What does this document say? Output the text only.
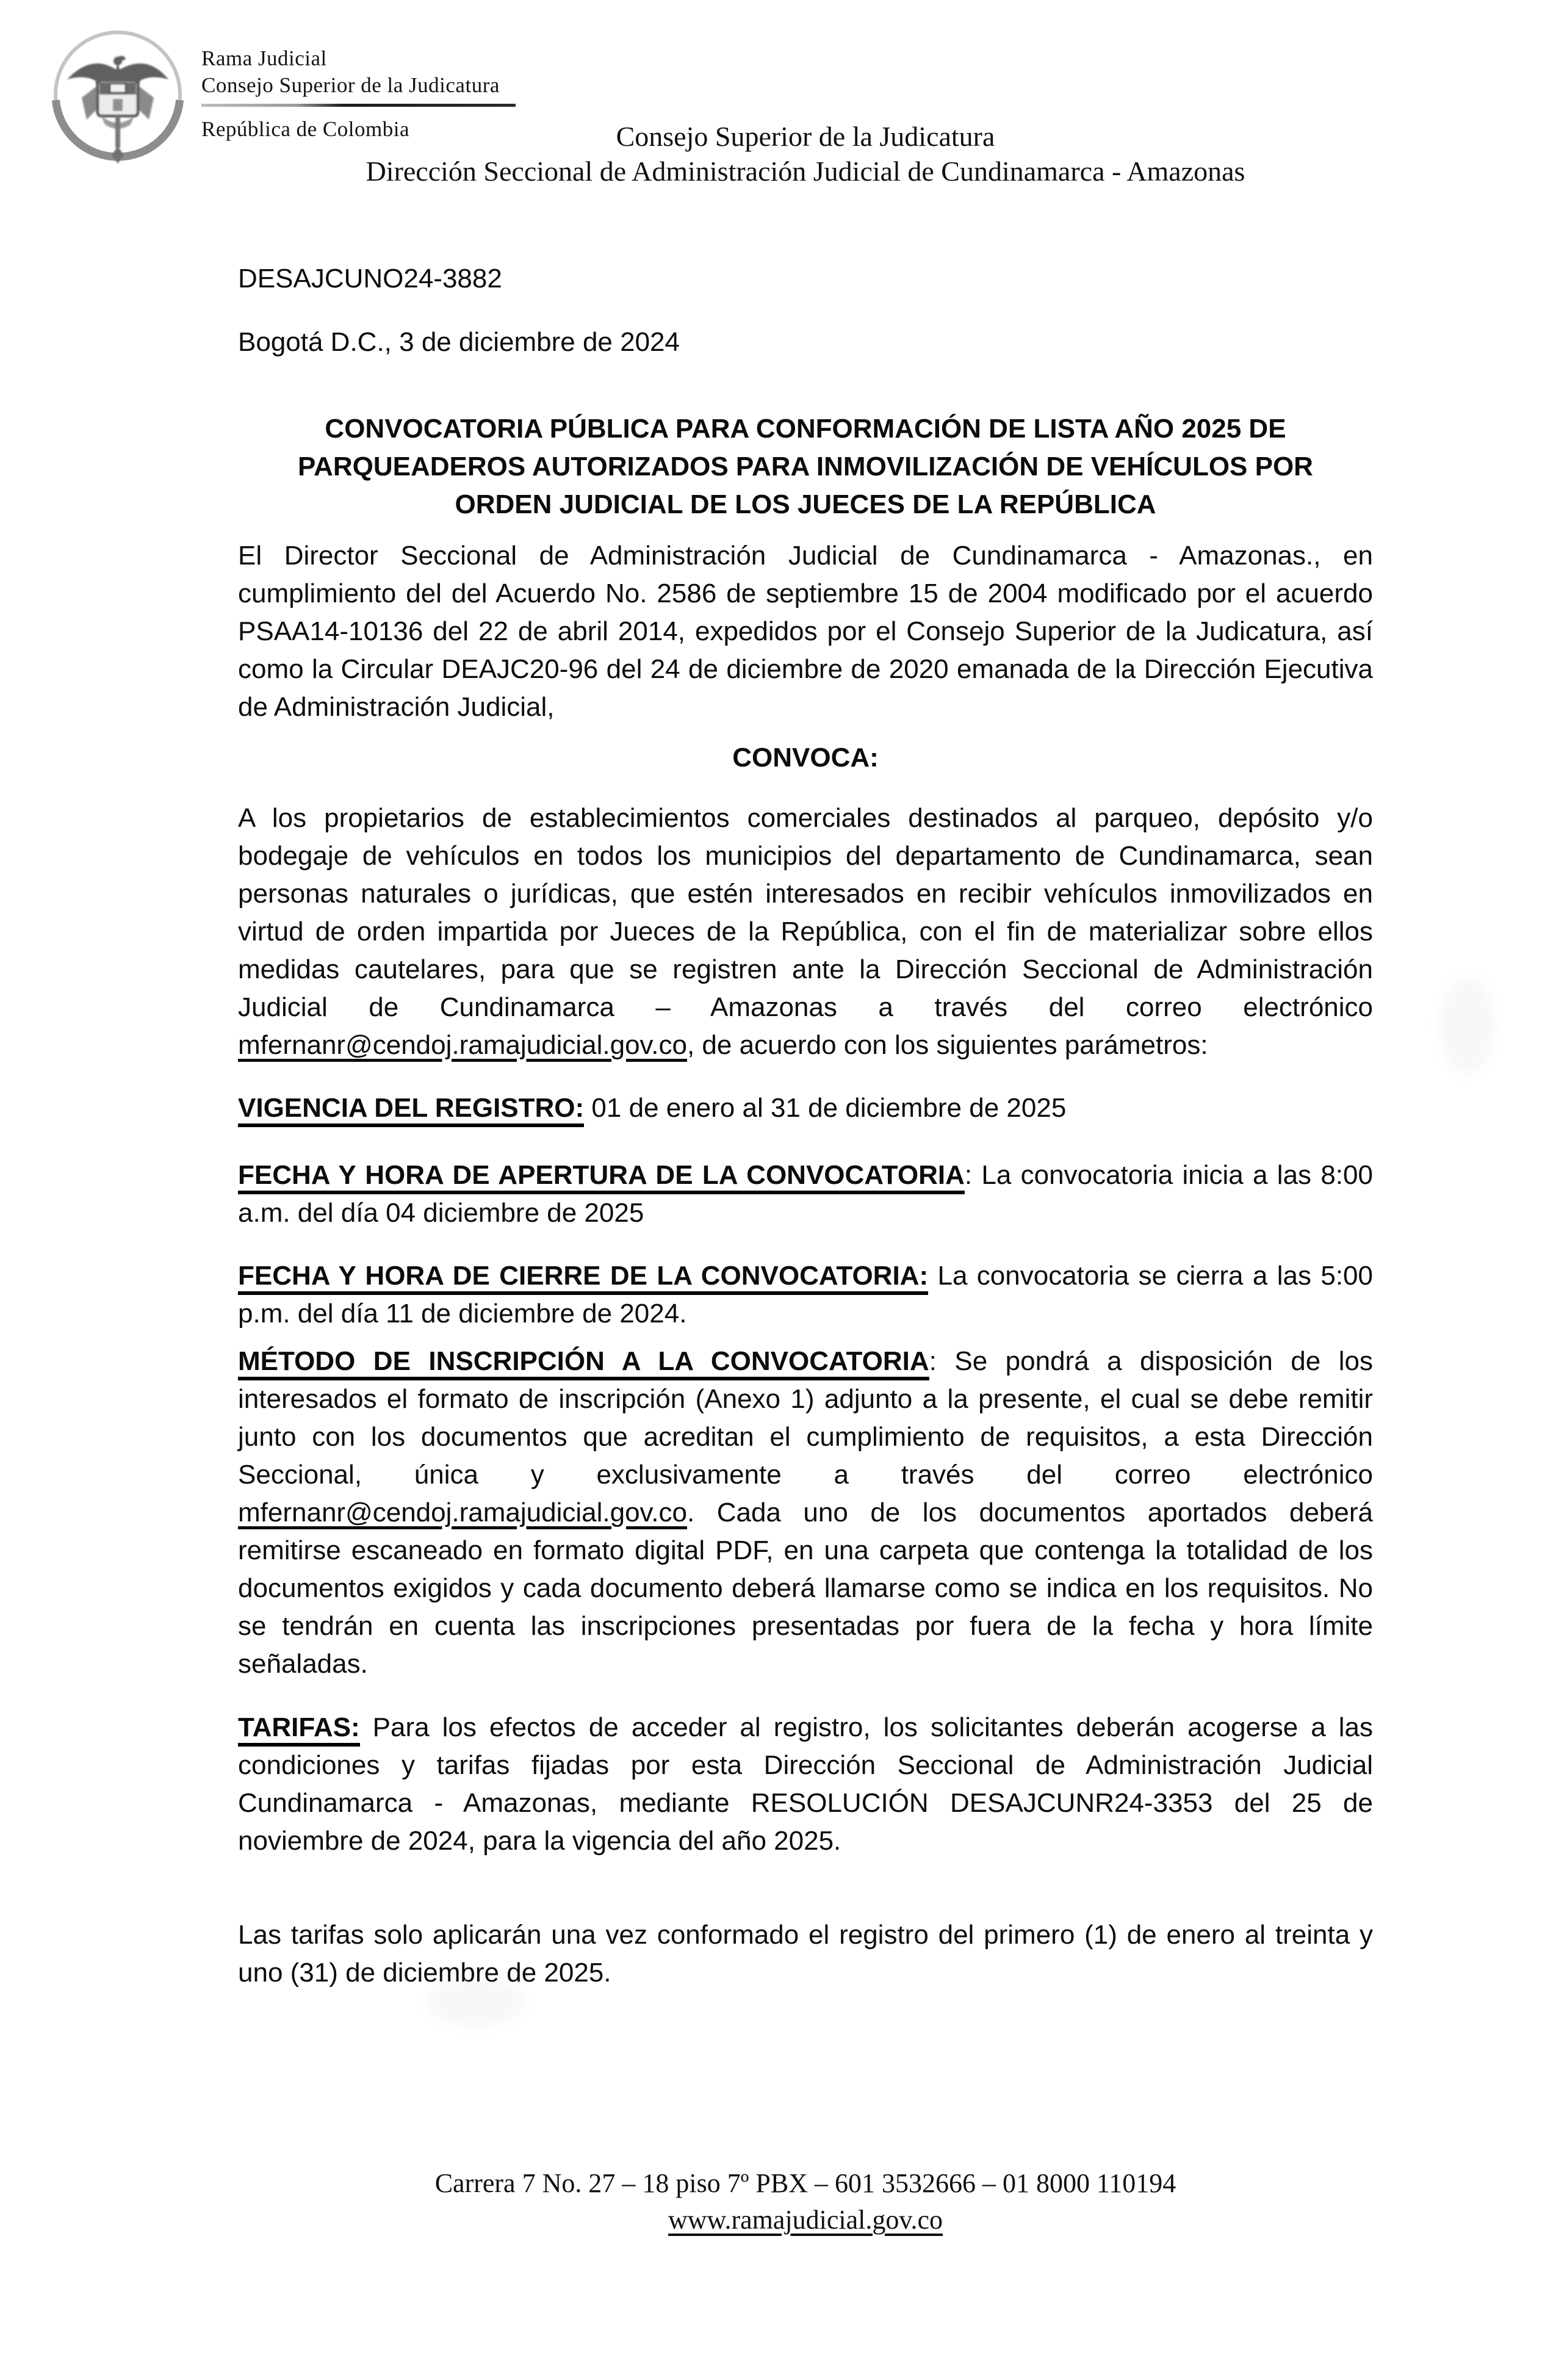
Rama Judicial
Consejo Superior de la Judicatura
República de Colombia	Consejo Superior de la Judicatura
Dirección Seccional de Administración Judicial de Cundinamarca - Amazonas
DESAJCUNO24-3882
Bogotá D.C., 3 de diciembre de 2024
CONVOCATORIA PÚBLICA PARA CONFORMACIÓN DE LISTA AÑO 2025 DE
PARQUEADEROS AUTORIZADOS PARA INMOVILIZACIÓN DE VEHÍCULOS POR
ORDEN JUDICIAL DE LOS JUECES DE LA REPÚBLICA
El Director Seccional de Administración Judicial de Cundinamarca - Amazonas., en cumplimiento del del Acuerdo No. 2586 de septiembre 15 de 2004 modificado por el acuerdo PSAA14-10136 del 22 de abril 2014, expedidos por el Consejo Superior de la Judicatura, así como la Circular DEAJC20-96 del 24 de diciembre de 2020 emanada de la Dirección Ejecutiva de Administración Judicial,
CONVOCA:
A los propietarios de establecimientos comerciales destinados al parqueo, depósito y/o bodegaje de vehículos en todos los municipios del departamento de Cundinamarca, sean personas naturales o jurídicas, que estén interesados en recibir vehículos inmovilizados en virtud de orden impartida por Jueces de la República, con el fin de materializar sobre ellos medidas cautelares, para que se registren ante la Dirección Seccional de Administración Judicial de Cundinamarca – Amazonas a través del correo electrónico mfernanr@cendoj.ramajudicial.gov.co, de acuerdo con los siguientes parámetros:
VIGENCIA DEL REGISTRO: 01 de enero al 31 de diciembre de 2025
FECHA Y HORA DE APERTURA DE LA CONVOCATORIA: La convocatoria inicia a las 8:00 a.m. del día 04 diciembre de 2025
FECHA Y HORA DE CIERRE DE LA CONVOCATORIA: La convocatoria se cierra a las 5:00 p.m. del día 11 de diciembre de 2024.
MÉTODO DE INSCRIPCIÓN A LA CONVOCATORIA: Se pondrá a disposición de los interesados el formato de inscripción (Anexo 1) adjunto a la presente, el cual se debe remitir junto con los documentos que acreditan el cumplimiento de requisitos, a esta Dirección Seccional, única y exclusivamente a través del correo electrónico mfernanr@cendoj.ramajudicial.gov.co. Cada uno de los documentos aportados deberá remitirse escaneado en formato digital PDF, en una carpeta que contenga la totalidad de los documentos exigidos y cada documento deberá llamarse como se indica en los requisitos. No se tendrán en cuenta las inscripciones presentadas por fuera de la fecha y hora límite señaladas.
TARIFAS: Para los efectos de acceder al registro, los solicitantes deberán acogerse a las condiciones y tarifas fijadas por esta Dirección Seccional de Administración Judicial Cundinamarca - Amazonas, mediante RESOLUCIÓN DESAJCUNR24-3353 del 25 de noviembre de 2024, para la vigencia del año 2025.
Las tarifas solo aplicarán una vez conformado el registro del primero (1) de enero al treinta y uno (31) de diciembre de 2025.
Carrera 7 No. 27 – 18 piso 7º PBX – 601 3532666 – 01 8000 110194
www.ramajudicial.gov.co
